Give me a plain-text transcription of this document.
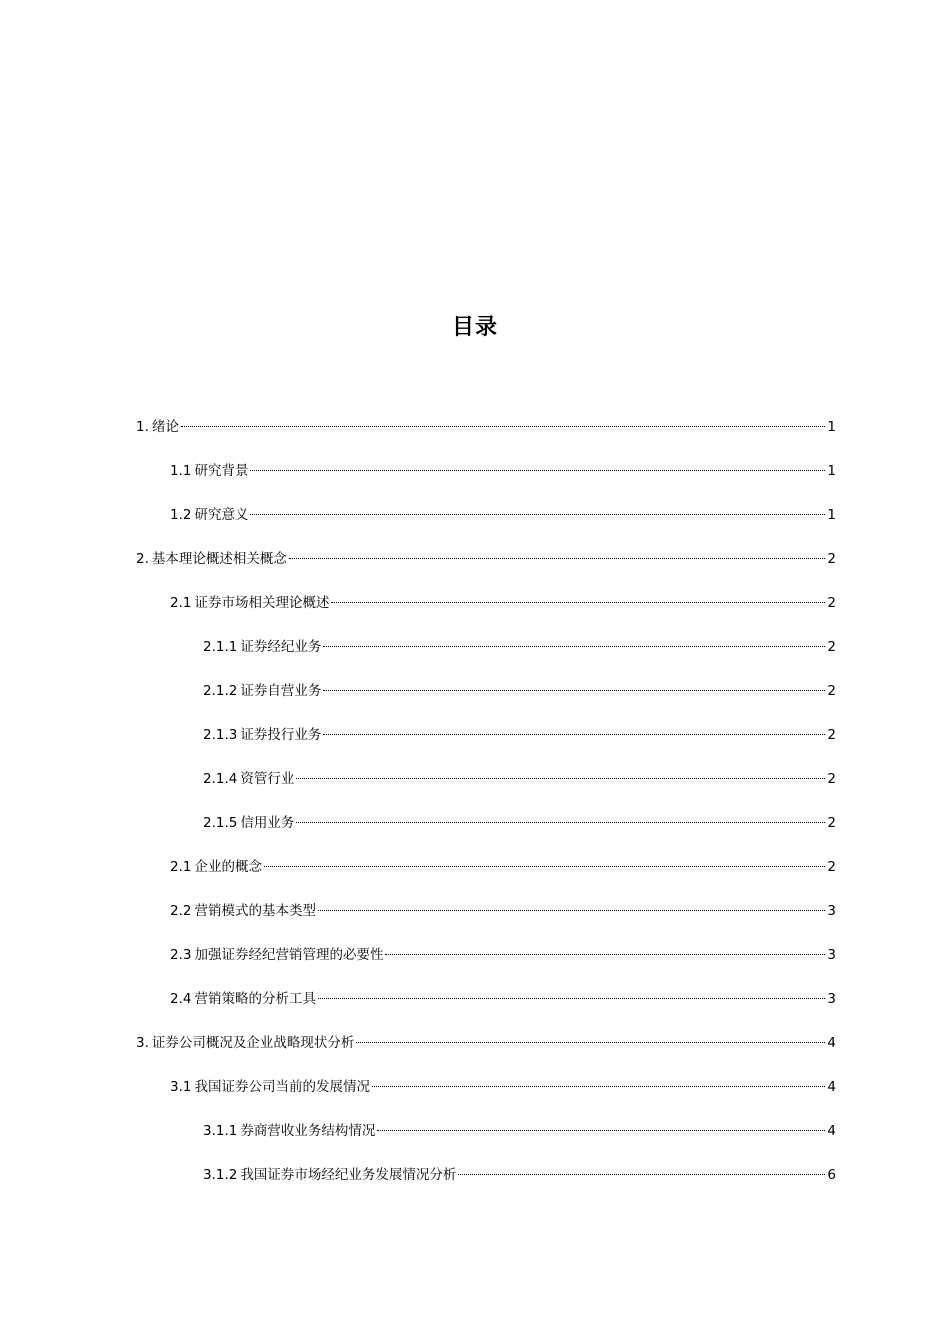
目录
1. 绪论	1
1.1 研究背景	1
1.2 研究意义	1
2. 基本理论概述相关概念	2
2.1 证券市场相关理论概述	2
2.1.1 证券经纪业务	2
2.1.2 证券自营业务	2
2.1.3 证券投行业务	2
2.1.4 资管行业	2
2.1.5 信用业务	2
2.1 企业的概念	2
2.2 营销模式的基本类型	3
2.3 加强证券经纪营销管理的必要性	3
2.4 营销策略的分析工具	3
3. 证券公司概况及企业战略现状分析	4
3.1 我国证券公司当前的发展情况	4
3.1.1 券商营收业务结构情况	4
3.1.2 我国证券市场经纪业务发展情况分析	6
